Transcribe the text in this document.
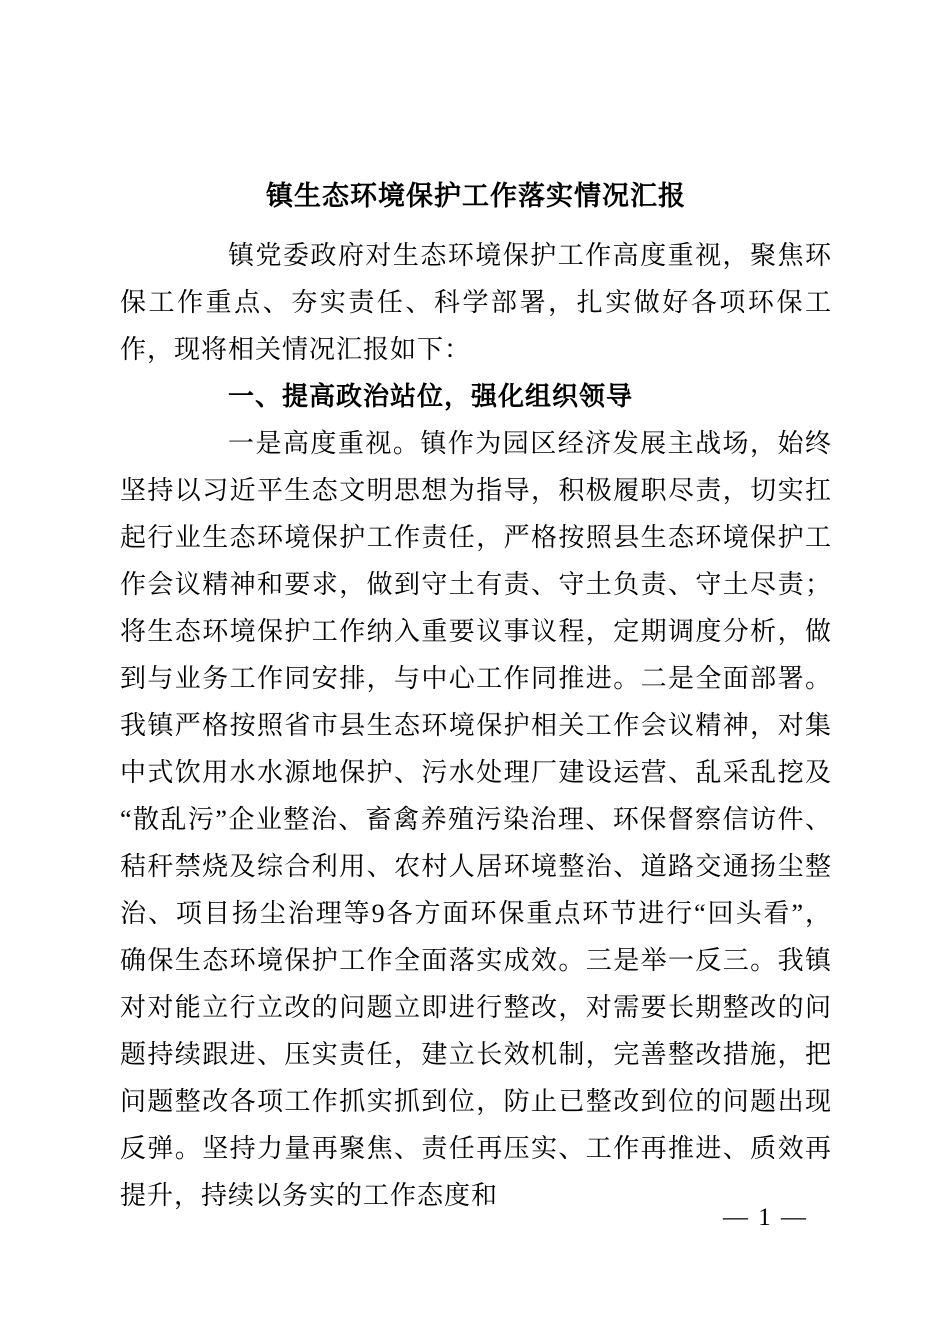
镇生态环境保护工作落实情况汇报

镇党委政府对生态环境保护工作高度重视，聚焦环保工作重点、夯实责任、科学部署，扎实做好各项环保工作，现将相关情况汇报如下：

一、提高政治站位，强化组织领导

一是高度重视。镇作为园区经济发展主战场，始终坚持以习近平生态文明思想为指导，积极履职尽责，切实扛起行业生态环境保护工作责任，严格按照县生态环境保护工作会议精神和要求，做到守土有责、守土负责、守土尽责；将生态环境保护工作纳入重要议事议程，定期调度分析，做到与业务工作同安排，与中心工作同推进。二是全面部署。我镇严格按照省市县生态环境保护相关工作会议精神，对集中式饮用水水源地保护、污水处理厂建设运营、乱采乱挖及“散乱污”企业整治、畜禽养殖污染治理、环保督察信访件、秸秆禁烧及综合利用、农村人居环境整治、道路交通扬尘整治、项目扬尘治理等9各方面环保重点环节进行“回头看”，确保生态环境保护工作全面落实成效。三是举一反三。我镇对对能立行立改的问题立即进行整改，对需要长期整改的问题持续跟进、压实责任，建立长效机制，完善整改措施，把问题整改各项工作抓实抓到位，防止已整改到位的问题出现反弹。坚持力量再聚焦、责任再压实、工作再推进、质效再提升，持续以务实的工作态度和

— 1 —
